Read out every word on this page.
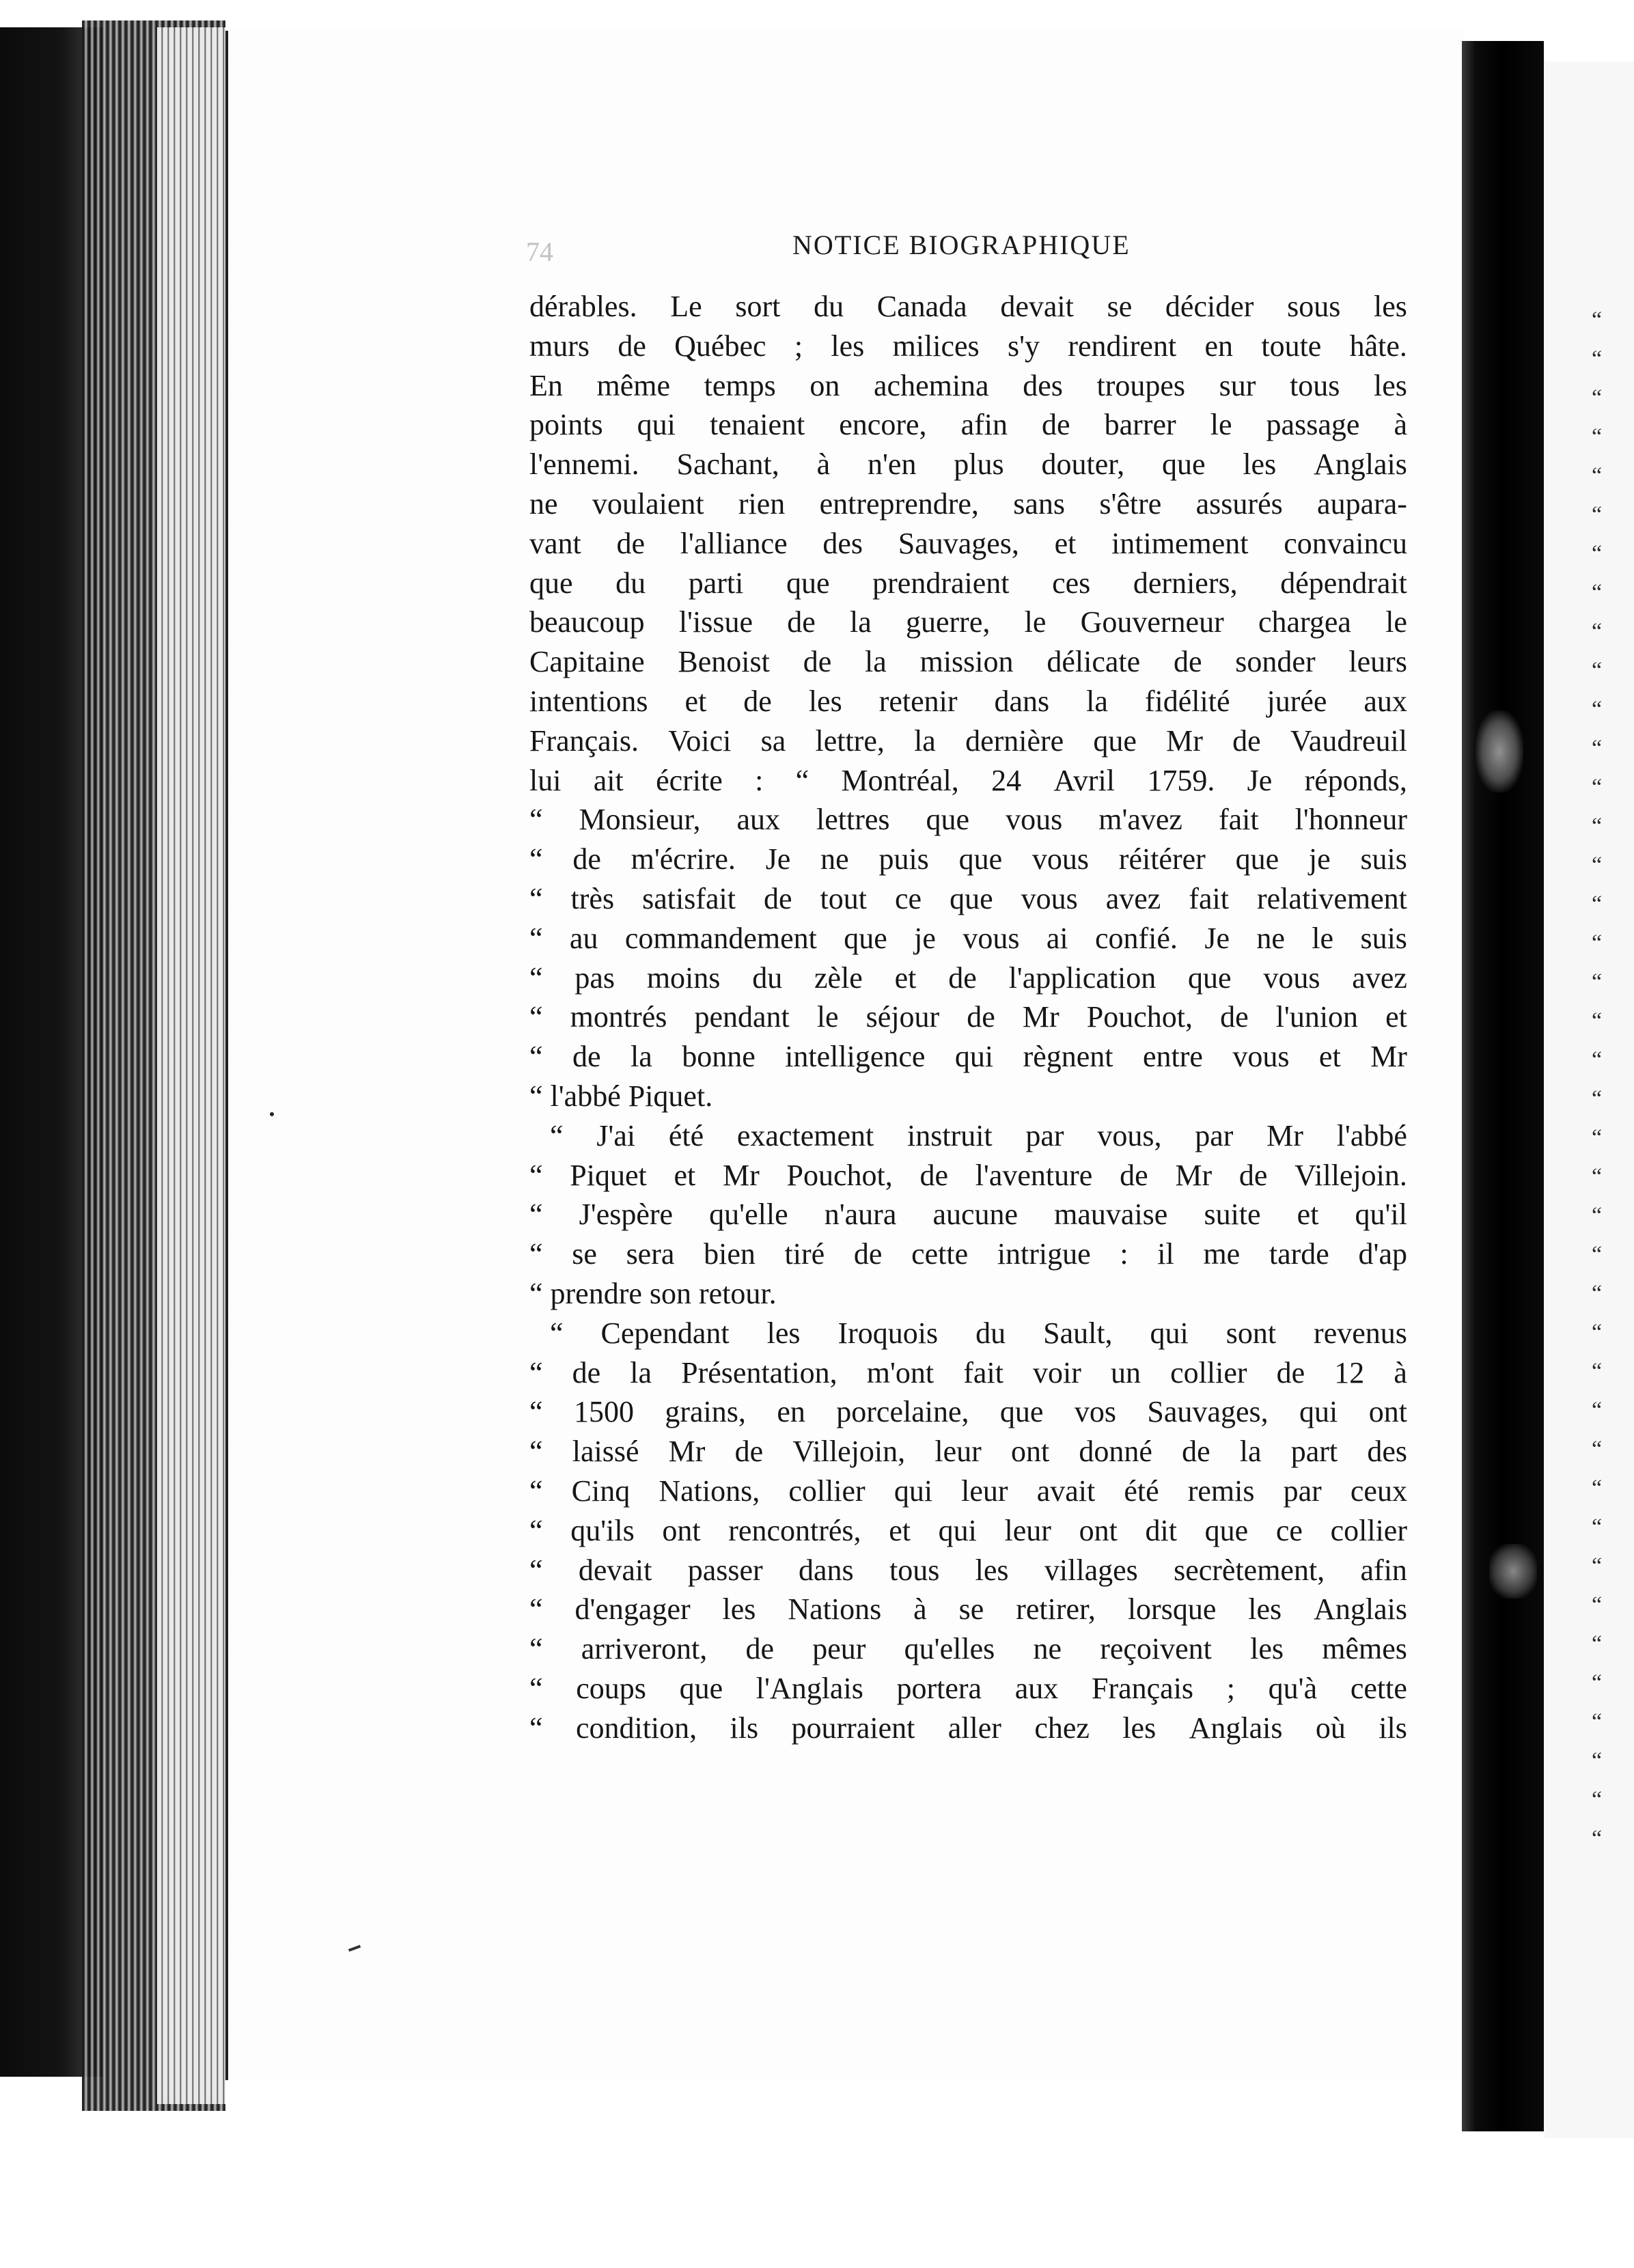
“
“
“
“
“
“
“
“
“
“
“
“
“
“
“
“
“
“
“
“
“
“
“
“
“
“
“
“
“
“
“
“
“
“
“
“
“
“
“
“
74	NOTICE BIOGRAPHIQUE
dérables. Le sort du Canada devait se décider sous les
murs de Québec ; les milices s'y rendirent en toute hâte.
En même temps on achemina des troupes sur tous les
points qui tenaient encore, afin de barrer le passage à
l'ennemi. Sachant, à n'en plus douter, que les Anglais
ne voulaient rien entreprendre, sans s'être assurés aupara-
vant de l'alliance des Sauvages, et intimement convaincu
que du parti que prendraient ces derniers, dépendrait
beaucoup l'issue de la guerre, le Gouverneur chargea le
Capitaine Benoist de la mission délicate de sonder leurs
intentions et de les retenir dans la fidélité jurée aux
Français. Voici sa lettre, la dernière que Mr de Vaudreuil
lui ait écrite : “ Montréal, 24 Avril 1759. Je réponds,
“ Monsieur, aux lettres que vous m'avez fait l'honneur
“ de m'écrire. Je ne puis que vous réitérer que je suis
“ très satisfait de tout ce que vous avez fait relativement
“ au commandement que je vous ai confié. Je ne le suis
“ pas moins du zèle et de l'application que vous avez
“ montrés pendant le séjour de Mr Pouchot, de l'union et
“ de la bonne intelligence qui règnent entre vous et Mr
“ l'abbé Piquet.
“ J'ai été exactement instruit par vous, par Mr l'abbé
“ Piquet et Mr Pouchot, de l'aventure de Mr de Villejoin.
“ J'espère qu'elle n'aura aucune mauvaise suite et qu'il
“ se sera bien tiré de cette intrigue : il me tarde d'ap
“ prendre son retour.
“ Cependant les Iroquois du Sault, qui sont revenus
“ de la Présentation, m'ont fait voir un collier de 12 à
“ 1500 grains, en porcelaine, que vos Sauvages, qui ont
“ laissé Mr de Villejoin, leur ont donné de la part des
“ Cinq Nations, collier qui leur avait été remis par ceux
“ qu'ils ont rencontrés, et qui leur ont dit que ce collier
“ devait passer dans tous les villages secrètement, afin
“ d'engager les Nations à se retirer, lorsque les Anglais
“ arriveront, de peur qu'elles ne reçoivent les mêmes
“ coups que l'Anglais portera aux Français ; qu'à cette
“ condition, ils pourraient aller chez les Anglais où ils
